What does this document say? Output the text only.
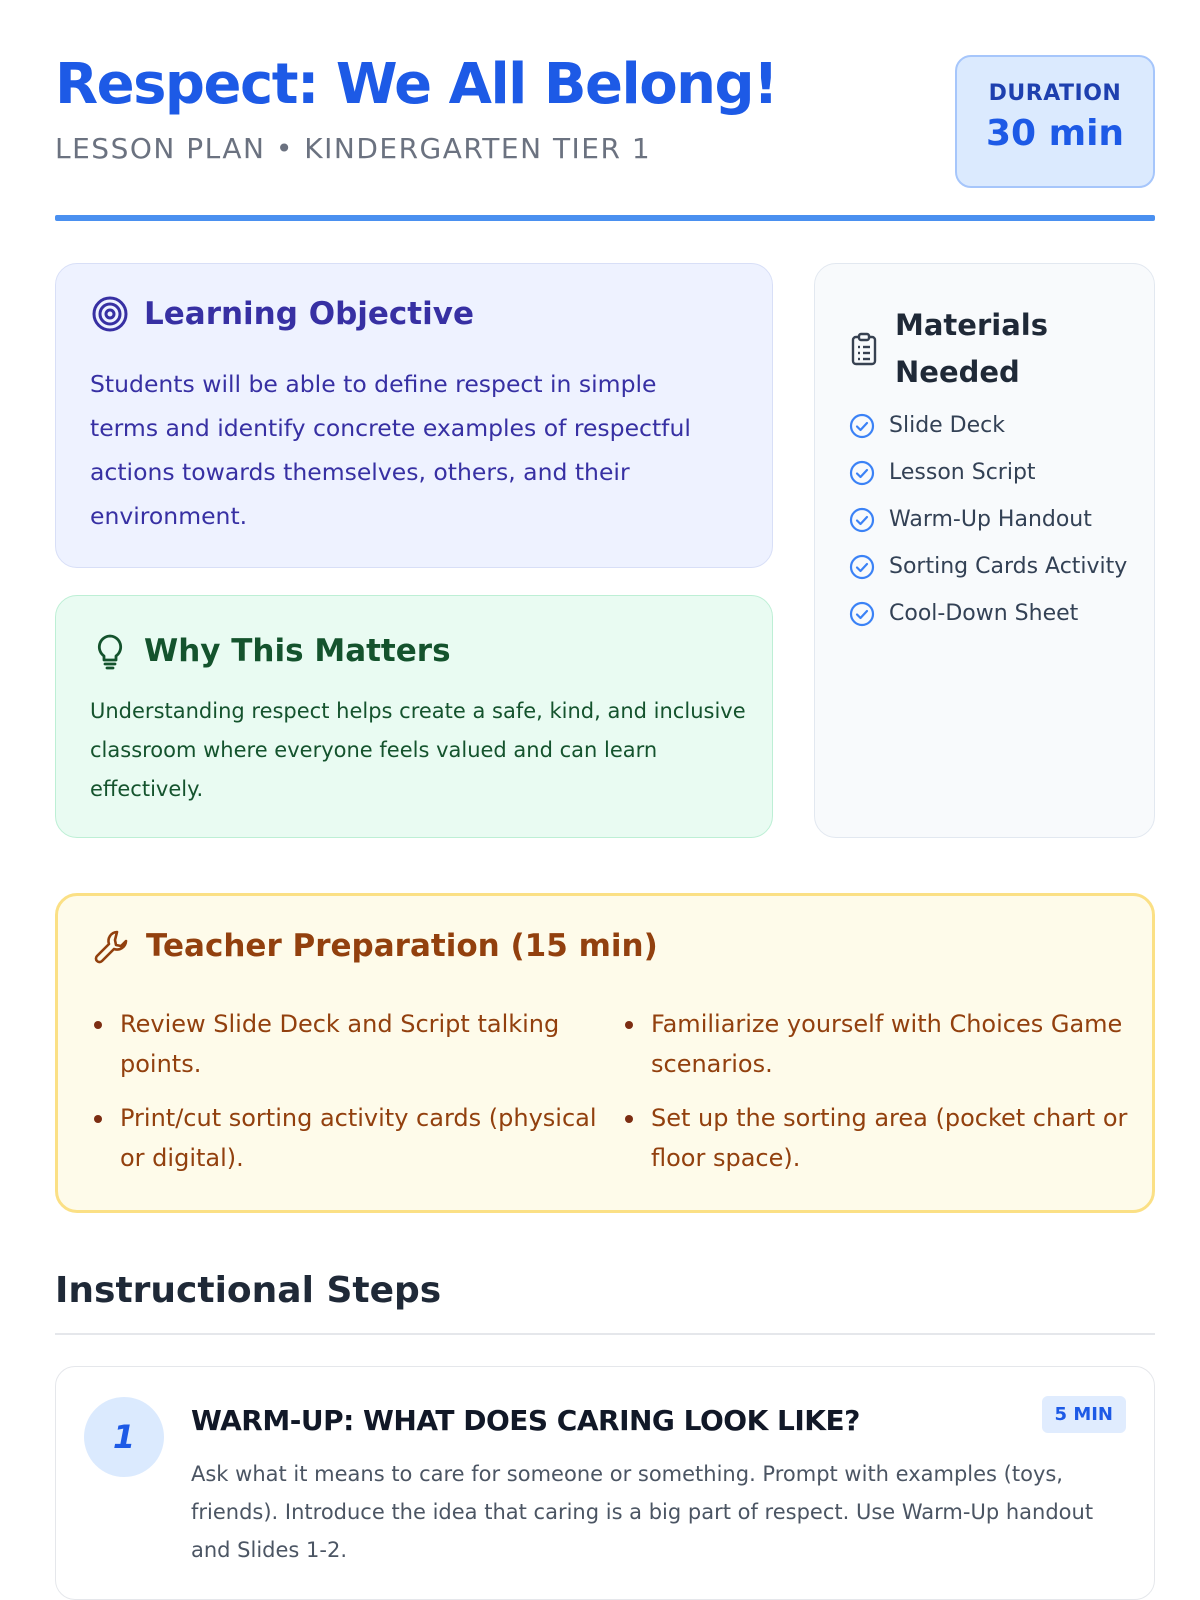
Respect: We All Belong!
LESSON PLAN • KINDERGARTEN TIER 1
DURATION
30 min
Learning Objective

Students will be able to define respect in simple terms and identify concrete examples of respectful actions towards themselves, others, and their environment.

Why This Matters

Understanding respect helps create a safe, kind, and inclusive classroom where everyone feels valued and can learn effectively.

Materials Needed
Slide Deck
Lesson Script
Warm-Up Handout
Sorting Cards Activity
Cool-Down Sheet
Teacher Preparation (15 min)
Review Slide Deck and Script talking points.
Familiarize yourself with Choices Game scenarios.
Print/cut sorting activity cards (physical or digital).
Set up the sorting area (pocket chart or floor space).
Instructional Steps
1	WARM-UP: WHAT DOES CARING LOOK LIKE?	5 MIN

Ask what it means to care for someone or something. Prompt with examples (toys, friends). Introduce the idea that caring is a big part of respect. Use Warm-Up handout and Slides 1-2.
